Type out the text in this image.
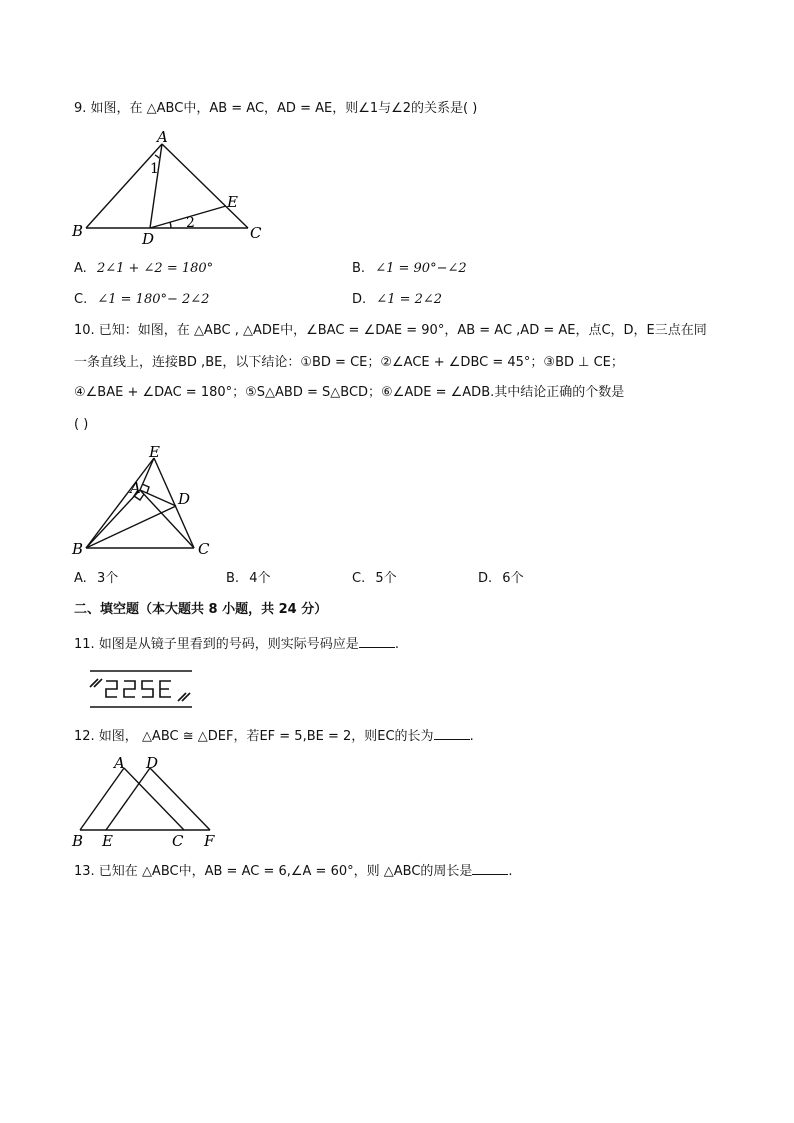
9. 如图，在 △ABC中，AB = AC，AD = AE，则∠1与∠2的关系是( )
A
B	C
D
E
1
2
A. 2∠1 + ∠2 = 180°	B. ∠1 = 90°−∠2
C. ∠1 = 180°− 2∠2	D. ∠1 = 2∠2
10. 已知：如图，在 △ABC , △ADE中，∠BAC = ∠DAE = 90°，AB = AC ,AD = AE，点C，D，E三点在同
一条直线上，连接BD ,BE，以下结论：①BD = CE；②∠ACE + ∠DBC = 45°；③BD ⊥ CE；
④∠BAE + ∠DAC = 180°；⑤S△ABD = S△BCD；⑥∠ADE = ∠ADB.其中结论正确的个数是
( )
E
A
D
B	C
A. 3个	B. 4个	C. 5个	D. 6个
二、填空题（本大题共 8 小题，共 24 分）
11. 如图是从镜子里看到的号码，则实际号码应是	.
12. 如图， △ABC ≅ △DEF，若EF = 5,BE = 2，则EC的长为	.
A D
B E	C F
13. 已知在 △ABC中，AB = AC = 6,∠A = 60°，则 △ABC的周长是	.
